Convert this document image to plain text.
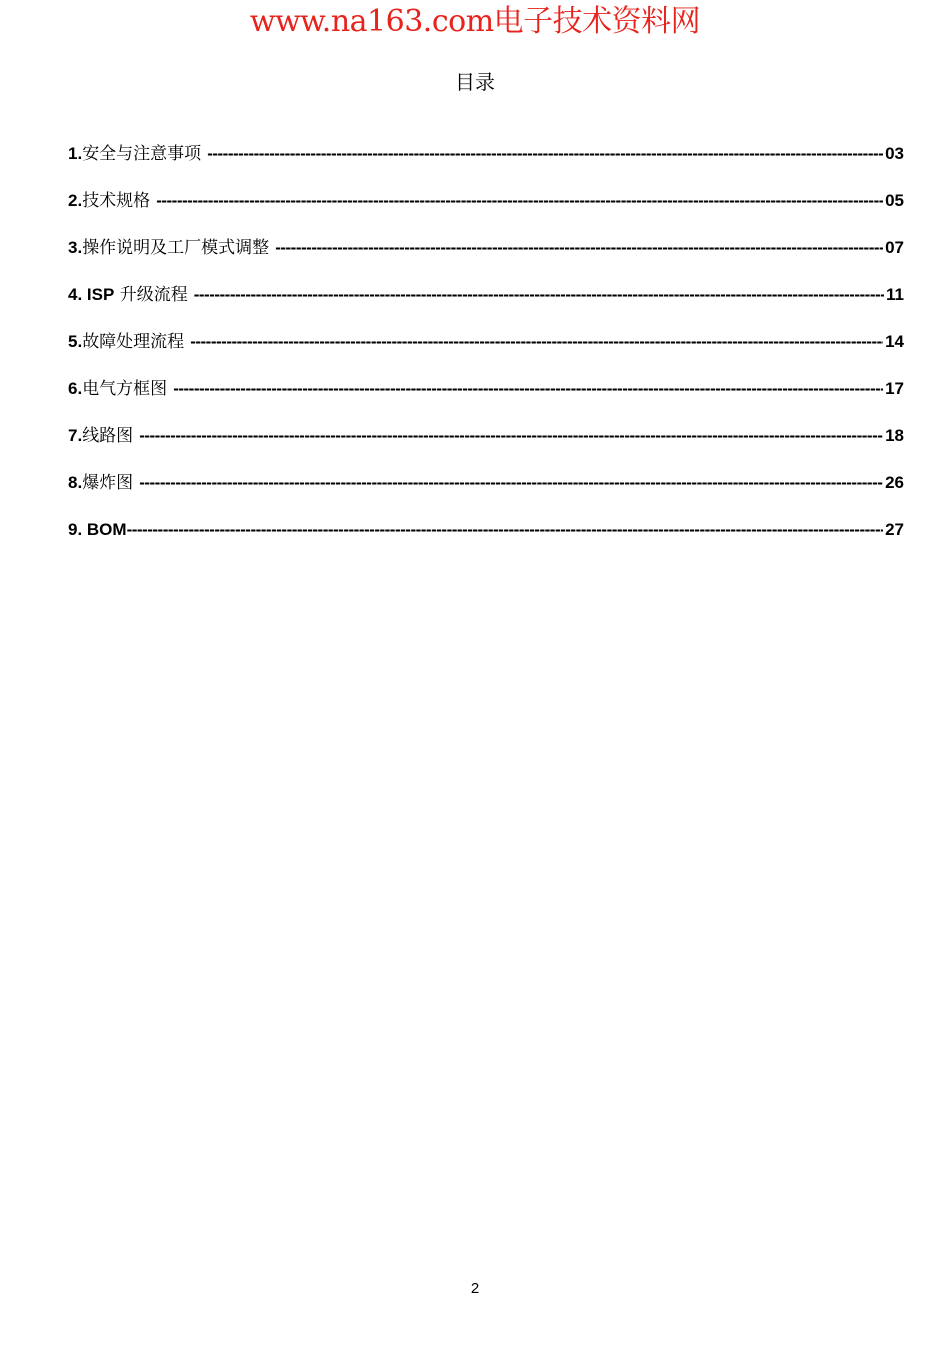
www.na163.com电子技术资料网
目录
1. 安全与注意事项 -----	03
2. 技术规格 -----	05
3. 操作说明及工厂模式调整 -----	07
4. ISP 升级流程 -----	11
5. 故障处理流程 -----	14
6. 电气方框图 -----	17
7. 线路图 -----	18
8. 爆炸图 -----	26
9. BOM -----	27
2
